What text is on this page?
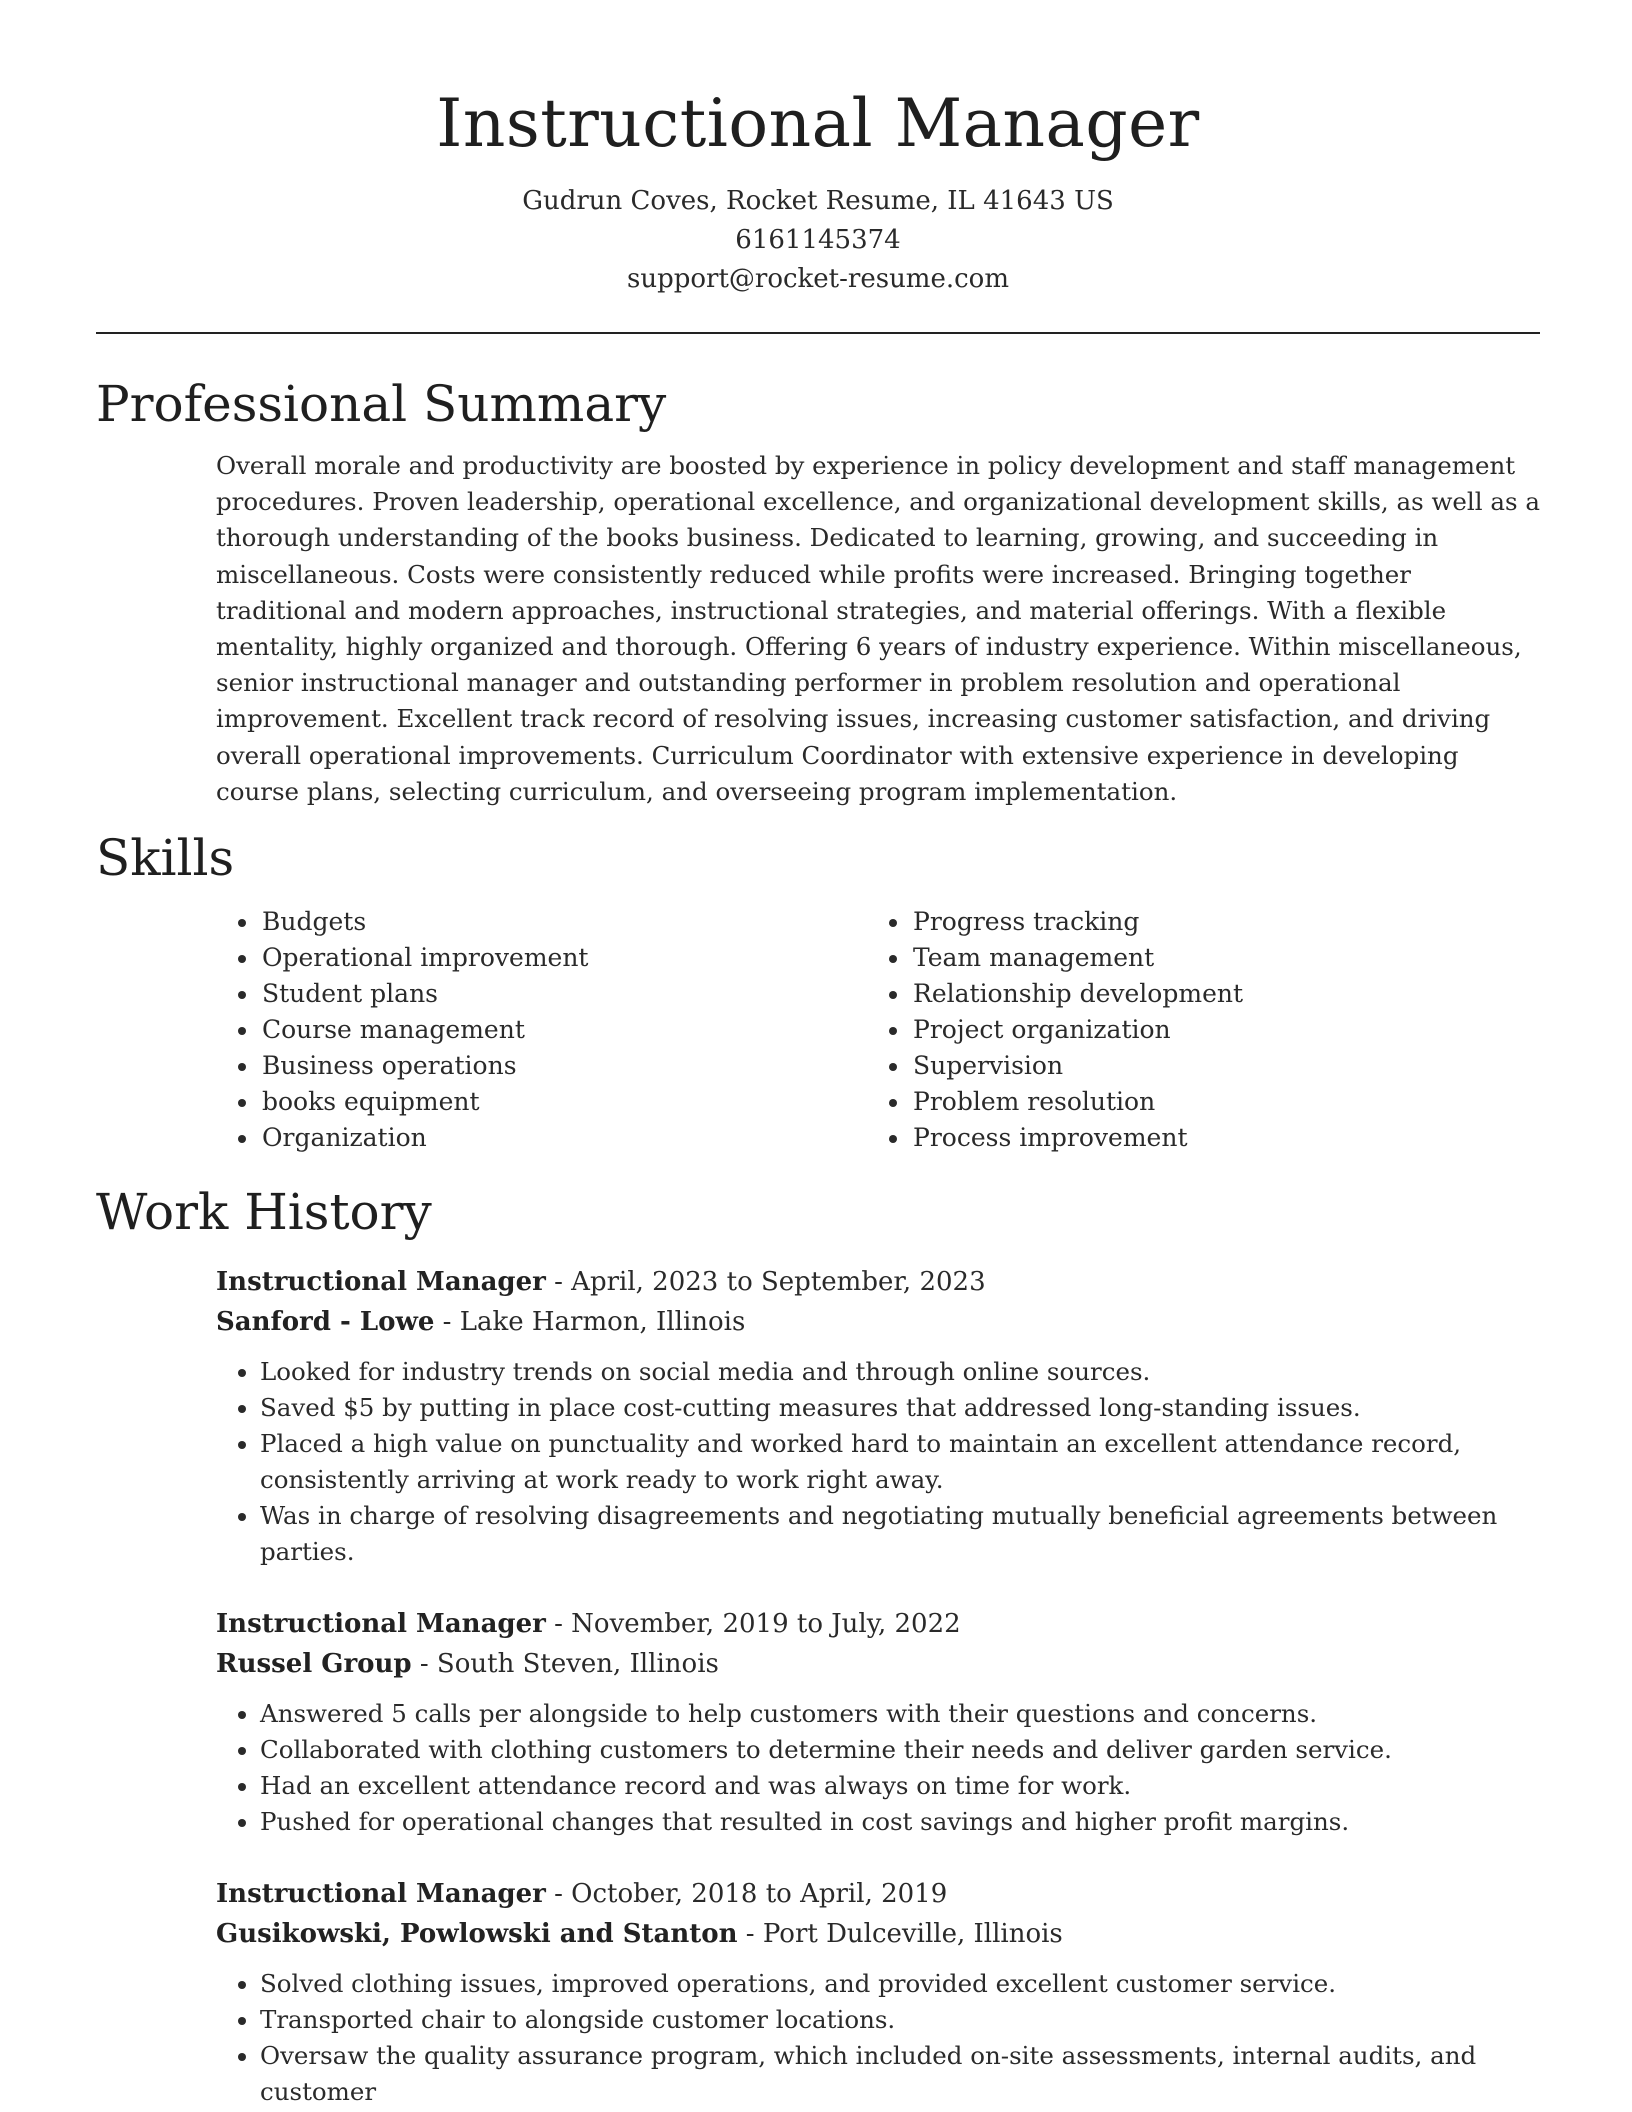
Instructional Manager
Gudrun Coves, Rocket Resume, IL 41643 US
6161145374
support@rocket-resume.com
Professional Summary
Overall morale and productivity are boosted by experience in policy development and staff management procedures. Proven leadership, operational excellence, and organizational development skills, as well as a thorough understanding of the books business. Dedicated to learning, growing, and succeeding in miscellaneous. Costs were consistently reduced while profits were increased. Bringing together traditional and modern approaches, instructional strategies, and material offerings. With a flexible mentality, highly organized and thorough. Offering 6 years of industry experience. Within miscellaneous, senior instructional manager and outstanding performer in problem resolution and operational improvement. Excellent track record of resolving issues, increasing customer satisfaction, and driving overall operational improvements. Curriculum Coordinator with extensive experience in developing course plans, selecting curriculum, and overseeing program implementation.
Skills
• Budgets
• Operational improvement
• Student plans
• Course management
• Business operations
• books equipment
• Organization
• Progress tracking
• Team management
• Relationship development
• Project organization
• Supervision
• Problem resolution
• Process improvement
Work History
Instructional Manager - April, 2023 to September, 2023
Sanford - Lowe - Lake Harmon, Illinois
• Looked for industry trends on social media and through online sources.
• Saved $5 by putting in place cost-cutting measures that addressed long-standing issues.
• Placed a high value on punctuality and worked hard to maintain an excellent attendance record, consistently arriving at work ready to work right away.
• Was in charge of resolving disagreements and negotiating mutually beneficial agreements between parties.
Instructional Manager - November, 2019 to July, 2022
Russel Group - South Steven, Illinois
• Answered 5 calls per alongside to help customers with their questions and concerns.
• Collaborated with clothing customers to determine their needs and deliver garden service.
• Had an excellent attendance record and was always on time for work.
• Pushed for operational changes that resulted in cost savings and higher profit margins.
Instructional Manager - October, 2018 to April, 2019
Gusikowski, Powlowski and Stanton - Port Dulceville, Illinois
• Solved clothing issues, improved operations, and provided excellent customer service.
• Transported chair to alongside customer locations.
• Oversaw the quality assurance program, which included on-site assessments, internal audits, and customer
